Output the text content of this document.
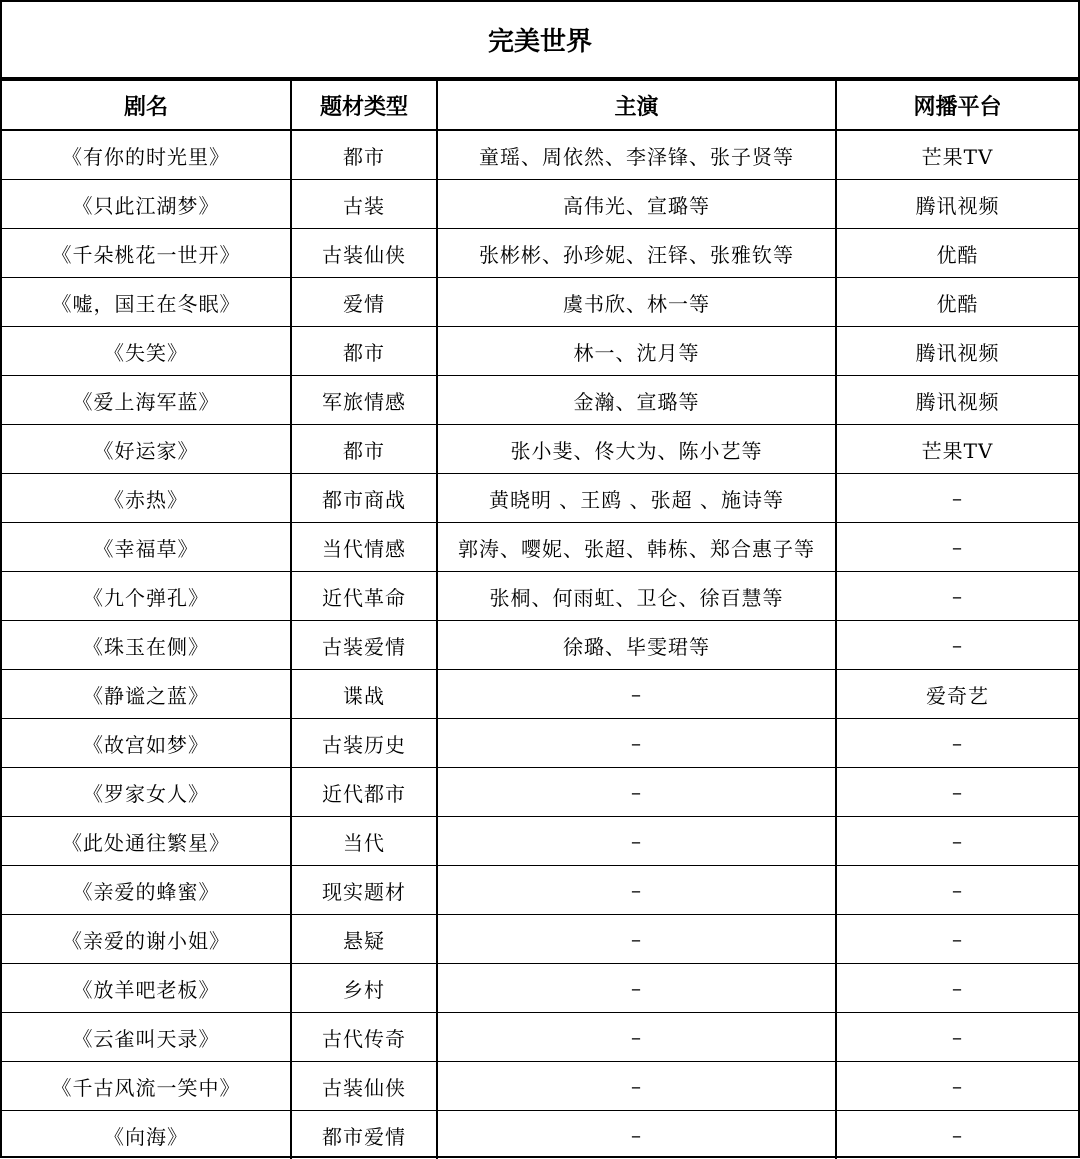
完美世界
剧名	题材类型	主演	网播平台
《有你的时光里》	都市	童瑶、周依然、李泽锋、张子贤等	芒果TV
《只此江湖梦》	古装	高伟光、宣璐等	腾讯视频
《千朵桃花一世开》	古装仙侠	张彬彬、孙珍妮、汪铎、张雅钦等	优酷
《嘘，国王在冬眠》	爱情	虞书欣、林一等	优酷
《失笑》	都市	林一、沈月等	腾讯视频
《爱上海军蓝》	军旅情感	金瀚、宣璐等	腾讯视频
《好运家》	都市	张小斐、佟大为、陈小艺等	芒果TV
《赤热》	都市商战	黄晓明 、王鸥 、张超 、施诗等	–
《幸福草》	当代情感	郭涛、嘤妮、张超、韩栋、郑合惠子等	–
《九个弹孔》	近代革命	张桐、何雨虹、卫仑、徐百慧等	–
《珠玉在侧》	古装爱情	徐璐、毕雯珺等	–
《静谧之蓝》	谍战	–	爱奇艺
《故宫如梦》	古装历史	–	–
《罗家女人》	近代都市	–	–
《此处通往繁星》	当代	–	–
《亲爱的蜂蜜》	现实题材	–	–
《亲爱的谢小姐》	悬疑	–	–
《放羊吧老板》	乡村	–	–
《云雀叫天录》	古代传奇	–	–
《千古风流一笑中》	古装仙侠	–	–
《向海》	都市爱情	–	–
